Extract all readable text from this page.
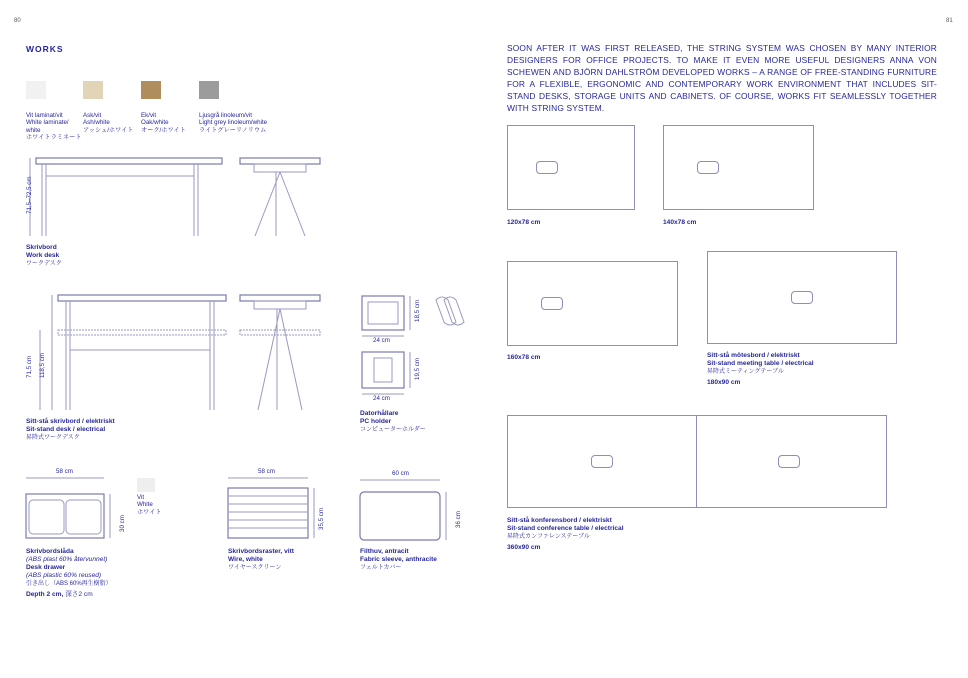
80	81
WORKS
Vit laminat/vit
White laminate/
white
ホワイトラミネート
Ask/vit
Ash/white
アッシュ/ホワイト
Ek/vit
Oak/white
オーク/ホワイト
Ljusgrå linoleum/vit
Light grey linoleum/white
ライトグレーリノリウム
71,5–72,5 cm
Skrivbord
Work desk
ワークデスク
71,5 cm 118,5 cm
Sitt-stå skrivbord / elektriskt
Sit-stand desk / electrical
昇降式ワークデスク
24 cm
24 cm
18,5 cm
19,5 cm
Datorhållare
PC holder
コンピューターホルダー
58 cm
30 cm
Vit
White
ホワイト
Skrivbordslåda
(ABS plast 60% återvunnet)
Desk drawer
(ABS plastic 60% reused)
引き出し（ABS 60%再生樹脂）
Depth 2 cm, 深さ2 cm
58 cm
35,5 cm
Skrivbordsraster, vitt
Wire, white
ワイヤースクリーン
60 cm
36 cm
Filthuv, antracit
Fabric sleeve, anthracite
フェルトカバー
SOON AFTER IT WAS FIRST RELEASED, THE STRING SYSTEM WAS CHOSEN BY MANY INTERIOR DESIGNERS FOR OFFICE PROJECTS. TO MAKE IT EVEN MORE USEFUL DESIGNERS ANNA VON SCHEWEN AND BJÖRN DAHLSTRÖM DEVELOPED WORKS – A RANGE OF FREE-STANDING FURNITURE FOR A FLEXIBLE, ERGONOMIC AND CONTEMPORARY WORK ENVIRONMENT THAT INCLUDES SIT-STAND DESKS, STORAGE UNITS AND CABINETS. OF COURSE, WORKS FIT SEAMLESSLY TOGETHER WITH STRING SYSTEM.
120x78 cm	140x78 cm
160x78 cm	Sitt-stå mötesbord / elektriskt
Sit-stand meeting table / electrical
昇降式ミーティングテーブル
180x90 cm
Sitt-stå konferensbord / elektriskt
Sit-stand conference table / electrical
昇降式カンファレンステーブル
360x90 cm
